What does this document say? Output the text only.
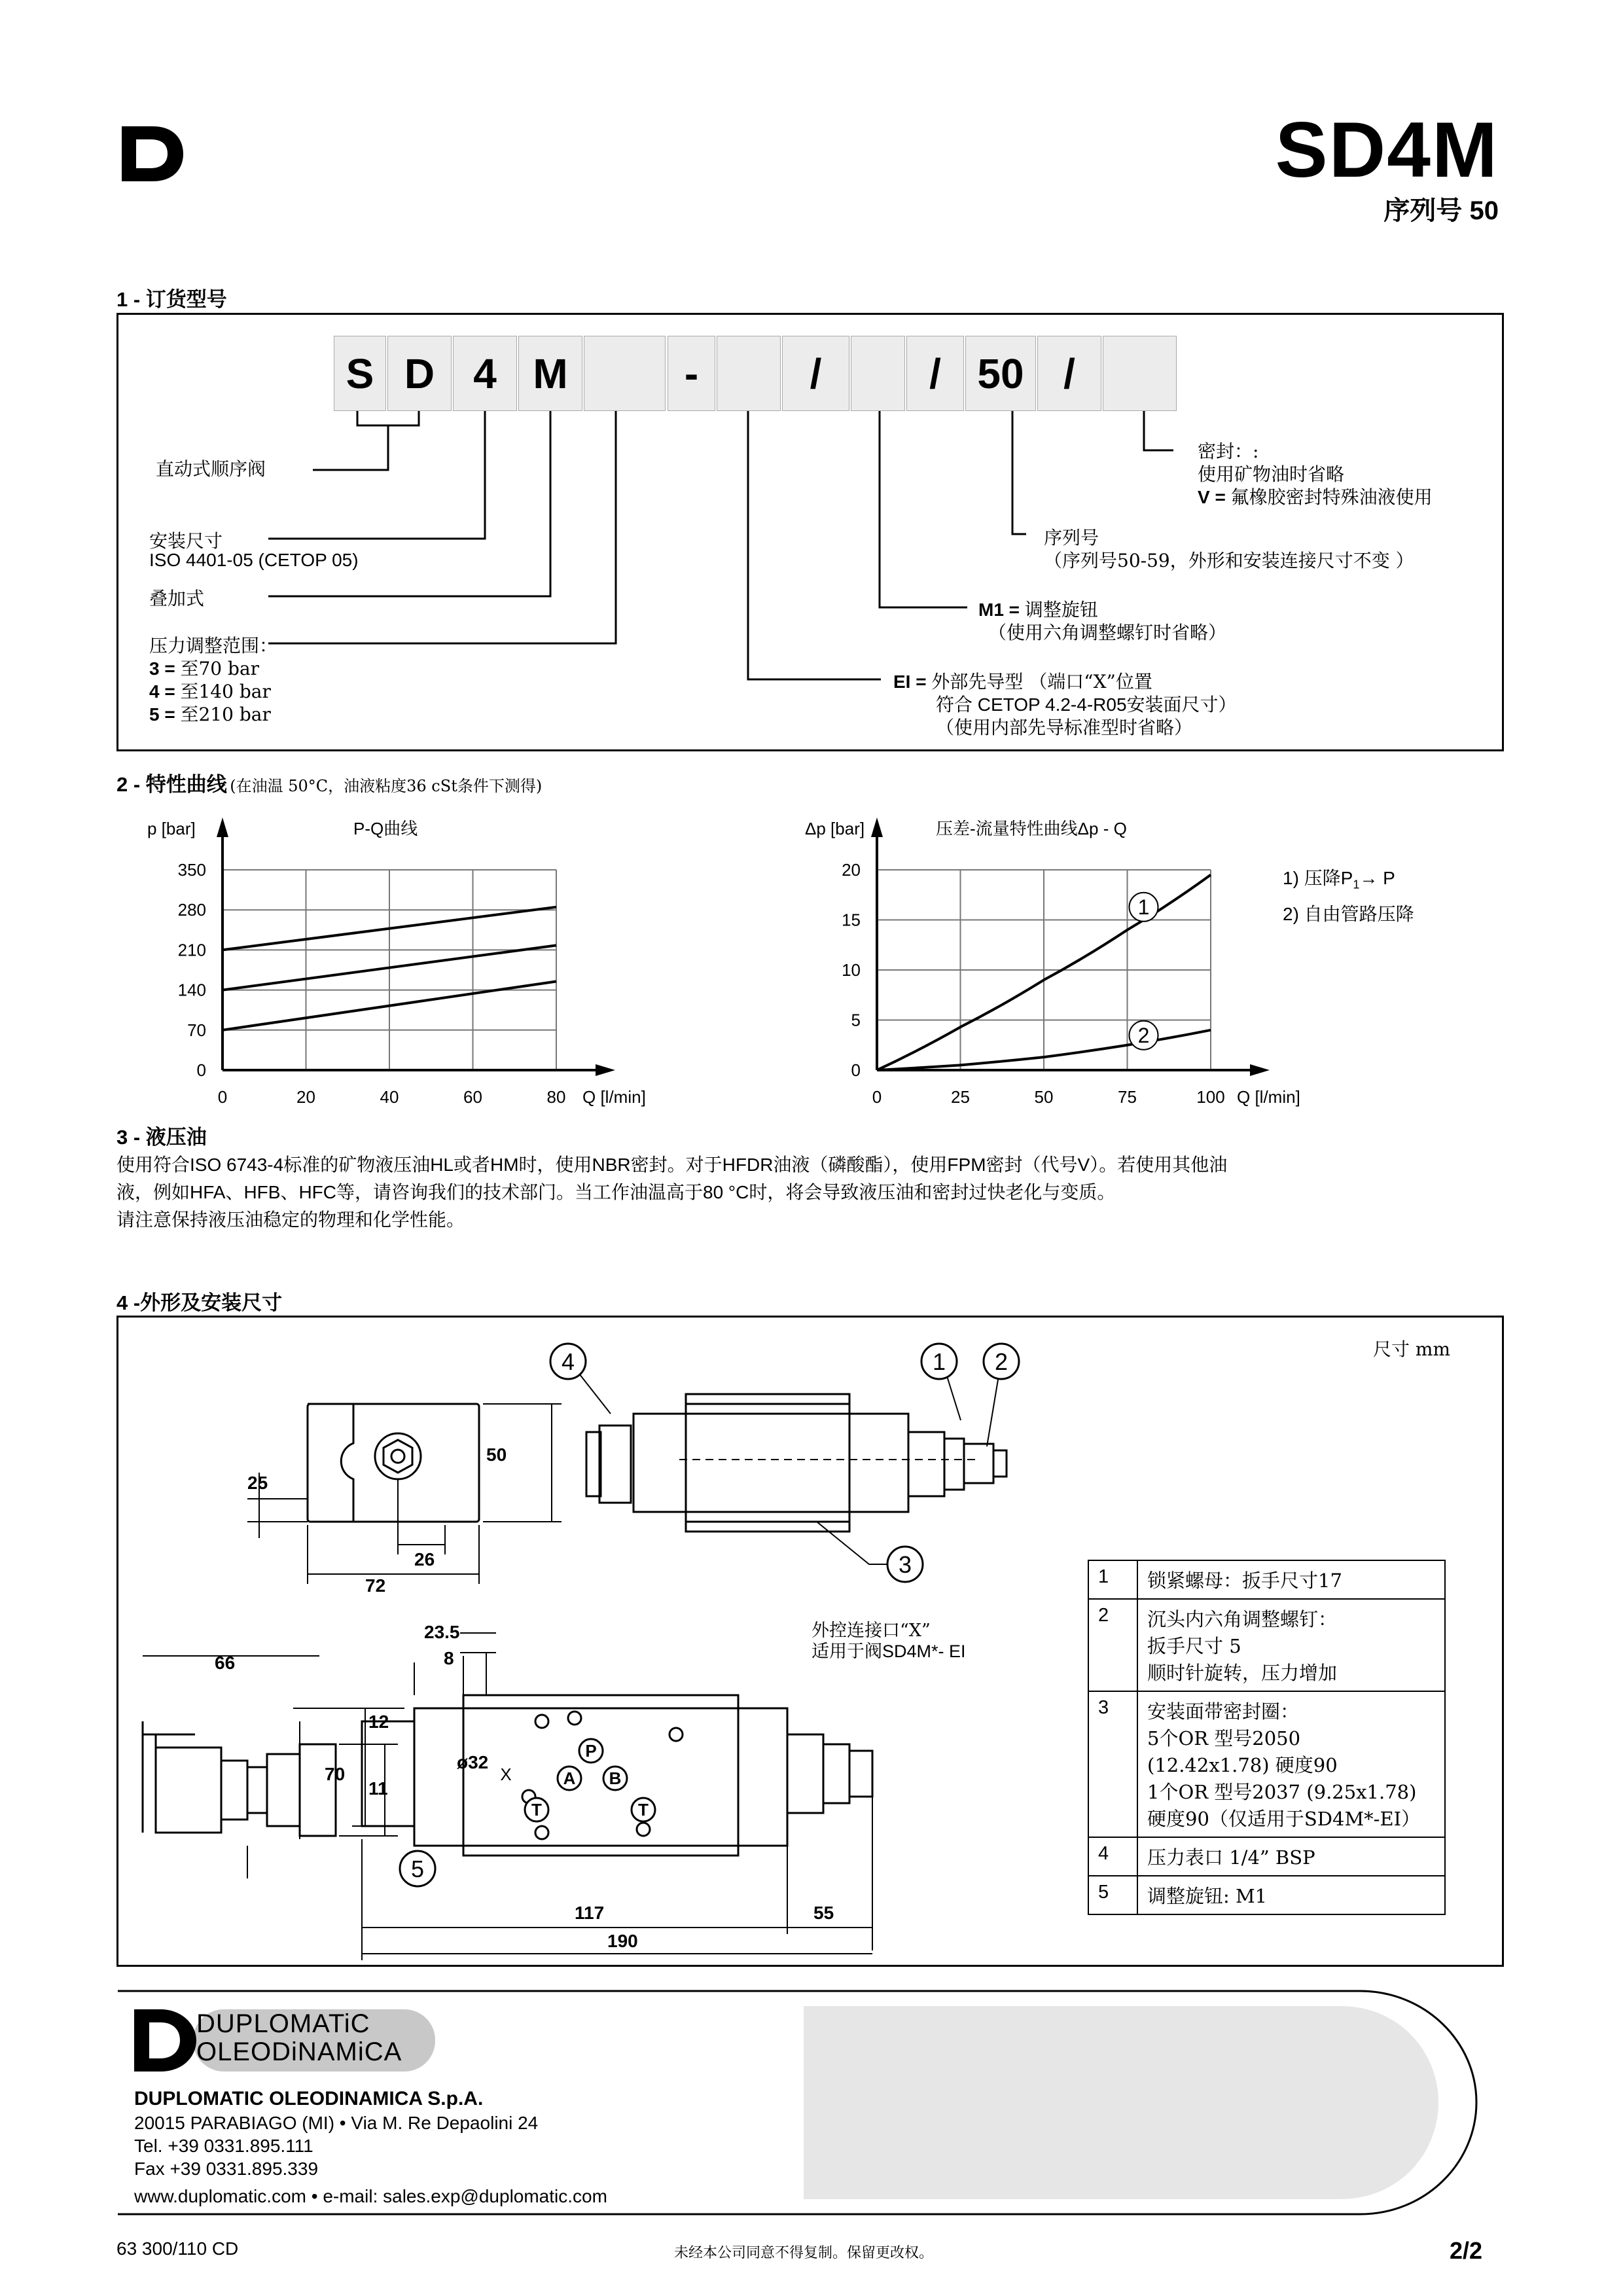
SD4M
序列号 50
1 - 订货型号
S D 4 M	-	/	/ 50 /
直动式顺序阀
安装尺寸
ISO 4401-05 (CETOP 05)
叠加式
压力调整范围：
3 = 至70 bar
4 = 至140 bar
5 = 至210 bar
密封：:
使用矿物油时省略
V = 氟橡胶密封特殊油液使用
序列号
（序列号50-59，外形和安装连接尺寸不变 ）
M1 = 调整旋钮
（使用六角调整螺钉时省略）
EI = 外部先导型 （端口“X”位置
符合 CETOP 4.2-4-R05安装面尺寸）
（使用内部先导标准型时省略）
2 - 特性曲线 (在油温 50°C，油液粘度36 cSt条件下测得)
0	20	40	60	80
0
70
140
210
280
350
p [bar]
Q [l/min]
P-Q曲线
0	25	50	75	100
0
5
10
15
20
Δp [bar]
Q [l/min]
压差-流量特性曲线Δp - Q
1
2
1) 压降$P_1\to P$
2) 自由管路压降
3 - 液压油
使用符合ISO 6743-4标准的矿物液压油HL或者HM时，使用NBR密封。对于HFDR油液（磷酸酯），使用FPM密封（代号V）。若使用其他油
液，例如HFA、HFB、HFC等，请咨询我们的技术部门。当工作油温高于80 °C时，将会导致液压油和密封过快老化与变质。
请注意保持液压油稳定的物理和化学性能。
4 -外形及安装尺寸
尺寸 mm
P
A B
T	T
X
4	1 2
3
5
25
50
26
72
66
ø32
23.5
8
12
70
11
117	55
190
外控连接口“X”
适用于阀SD4M*- EI
1	锁紧螺母：扳手尺寸17

2	沉头内六角调整螺钉：
扳手尺寸 5
顺时针旋转，压力增加

3	安装面带密封圈：
5个OR 型号2050
(12.42x1.78) 硬度90
1个OR 型号2037 (9.25x1.78)
硬度90（仅适用于SD4M*-EI）

4	压力表口 1/4” BSP

5	调整旋钮: M1
DUPLOMATiC
OLEODiNAMiCA
DUPLOMATIC OLEODINAMICA S.p.A.
20015 PARABIAGO (MI) • Via M. Re Depaolini 24
Tel. +39 0331.895.111
Fax +39 0331.895.339
www.duplomatic.com • e-mail: sales.exp@duplomatic.com
63 300/110 CD	未经本公司同意不得复制。保留更改权。	2/2
